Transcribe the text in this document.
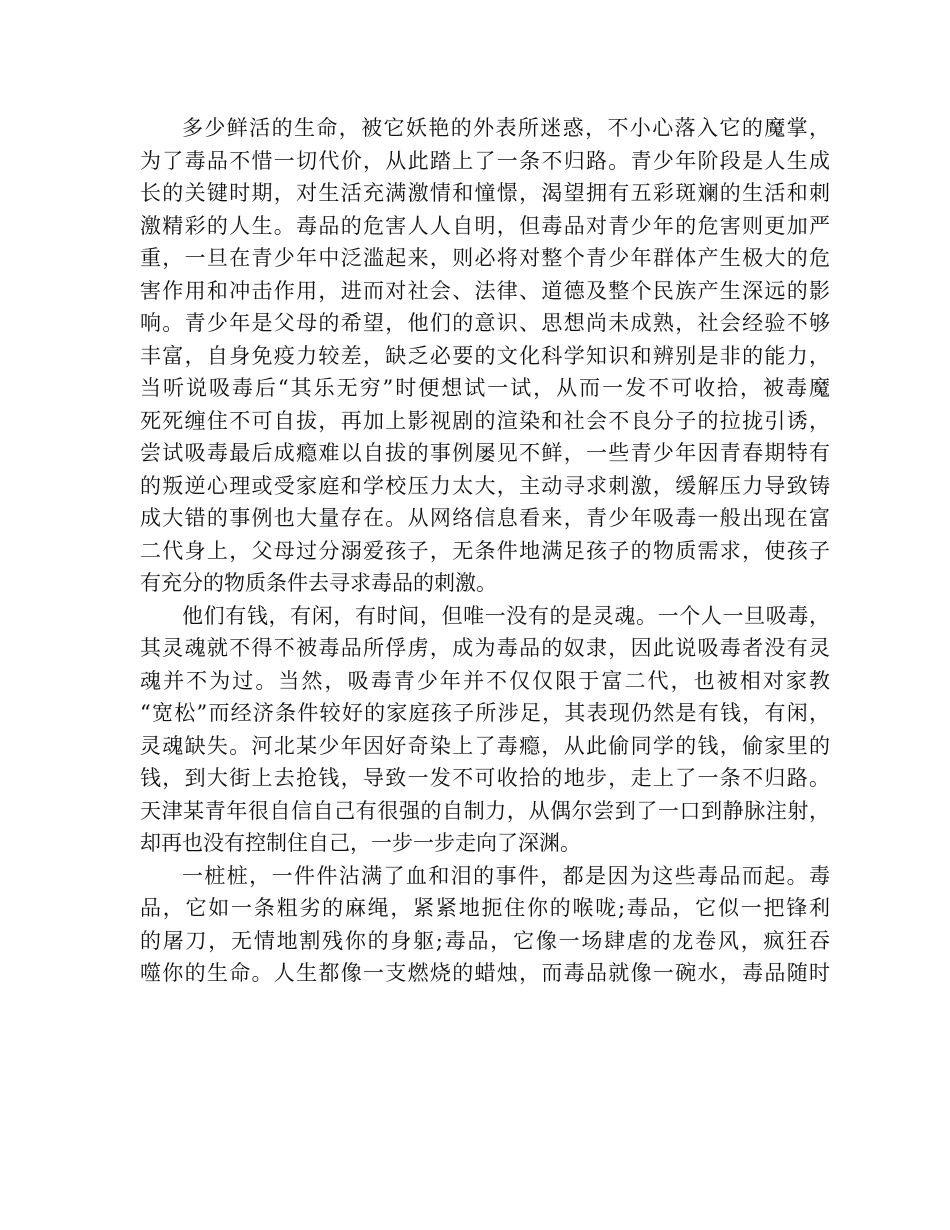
多少鲜活的生命，被它妖艳的外表所迷惑，不小心落入它的魔掌，
为了毒品不惜一切代价，从此踏上了一条不归路。青少年阶段是人生成
长的关键时期，对生活充满激情和憧憬，渴望拥有五彩斑斓的生活和刺
激精彩的人生。毒品的危害人人自明，但毒品对青少年的危害则更加严
重，一旦在青少年中泛滥起来，则必将对整个青少年群体产生极大的危
害作用和冲击作用，进而对社会、法律、道德及整个民族产生深远的影
响。青少年是父母的希望，他们的意识、思想尚未成熟，社会经验不够
丰富，自身免疫力较差，缺乏必要的文化科学知识和辨别是非的能力，
当听说吸毒后“其乐无穷”时便想试一试，从而一发不可收拾，被毒魔
死死缠住不可自拔，再加上影视剧的渲染和社会不良分子的拉拢引诱，
尝试吸毒最后成瘾难以自拔的事例屡见不鲜，一些青少年因青春期特有
的叛逆心理或受家庭和学校压力太大，主动寻求刺激，缓解压力导致铸
成大错的事例也大量存在。从网络信息看来，青少年吸毒一般出现在富
二代身上，父母过分溺爱孩子，无条件地满足孩子的物质需求，使孩子
有充分的物质条件去寻求毒品的刺激。
他们有钱，有闲，有时间，但唯一没有的是灵魂。一个人一旦吸毒，
其灵魂就不得不被毒品所俘虏，成为毒品的奴隶，因此说吸毒者没有灵
魂并不为过。当然，吸毒青少年并不仅仅限于富二代，也被相对家教
“宽松”而经济条件较好的家庭孩子所涉足，其表现仍然是有钱，有闲，
灵魂缺失。河北某少年因好奇染上了毒瘾，从此偷同学的钱，偷家里的
钱，到大街上去抢钱，导致一发不可收拾的地步，走上了一条不归路。
天津某青年很自信自己有很强的自制力，从偶尔尝到了一口到静脉注射，
却再也没有控制住自己，一步一步走向了深渊。
一桩桩，一件件沾满了血和泪的事件，都是因为这些毒品而起。毒
品，它如一条粗劣的麻绳，紧紧地扼住你的喉咙;毒品，它似一把锋利
的屠刀，无情地割残你的身躯;毒品，它像一场肆虐的龙卷风，疯狂吞
噬你的生命。人生都像一支燃烧的蜡烛，而毒品就像一碗水，毒品随时
